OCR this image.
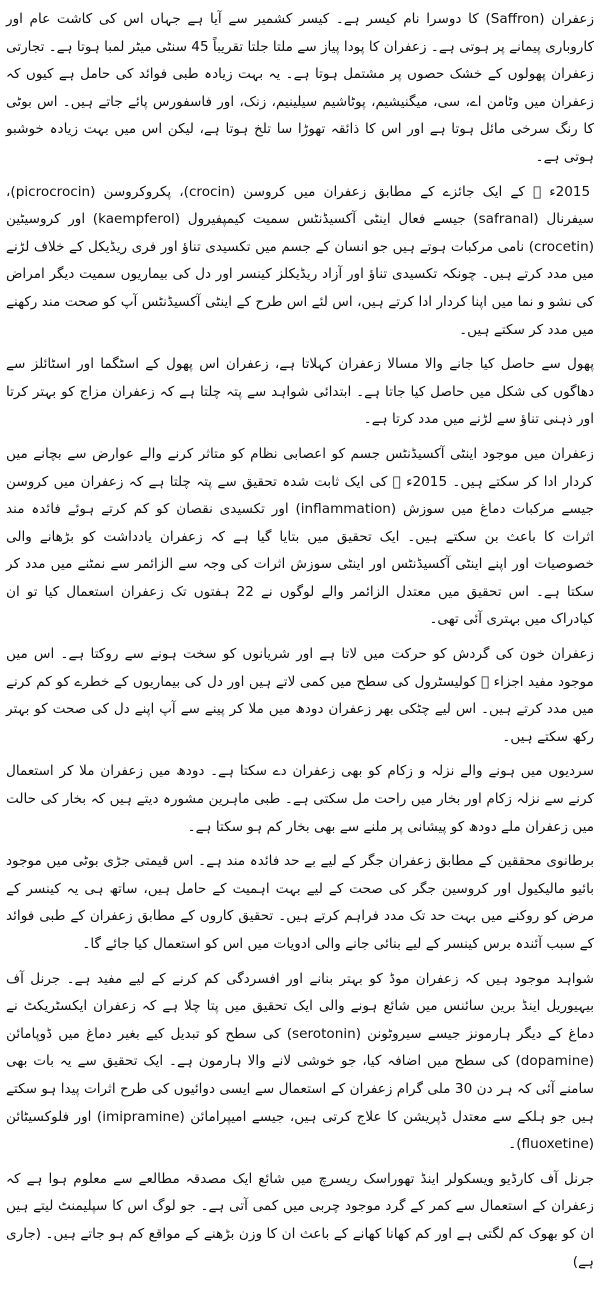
زعفران (Saffron) کا دوسرا نام کیسر ہے۔ کیسر کشمیر سے آیا ہے جہاں اس کی کاشت عام اور کاروباری پیمانے پر ہوتی ہے۔ زعفران کا پودا پیاز سے ملتا جلتا تقریباً 45 سنٹی میٹر لمبا ہوتا ہے۔ تجارتی زعفران پھولوں کے خشک حصوں پر مشتمل ہوتا ہے۔ یہ بہت زیادہ طبی فوائد کی حامل ہے کیوں کہ زعفران میں وٹامن اے، سی، میگنیشیم، پوٹاشیم سیلینیم، زنک، اور فاسفورس پائے جاتے ہیں۔ اس بوٹی کا رنگ سرخی مائل ہوتا ہے اور اس کا ذائقہ تھوڑا سا تلخ ہوتا ہے، لیکن اس میں بہت زیادہ خوشبو ہوتی ہے۔

2015ء ⃞ کے ایک جائزے کے مطابق زعفران میں کروسن (crocin)، پکروکروسن (picrocrocin)، سیفرنال (safranal) جیسے فعال اینٹی آکسیڈنٹس سمیت کیمپفیرول (kaempferol) اور کروسیٹین (crocetin) نامی مرکبات ہوتے ہیں جو انسان کے جسم میں تکسیدی تناؤ اور فری ریڈیکل کے خلاف لڑنے میں مدد کرتے ہیں۔ چونکہ تکسیدی تناؤ اور آزاد ریڈیکلز کینسر اور دل کی بیماریوں سمیت دیگر امراض کی نشو و نما میں اپنا کردار ادا کرتے ہیں، اس لئے اس طرح کے اینٹی آکسیڈنٹس آپ کو صحت مند رکھنے میں مدد کر سکتے ہیں۔

پھول سے حاصل کیا جانے والا مسالا زعفران کہلاتا ہے، زعفران اس پھول کے اسٹگما اور اسٹائلز سے دھاگوں کی شکل میں حاصل کیا جاتا ہے۔ ابتدائی شواہد سے پتہ چلتا ہے کہ زعفران مزاج کو بہتر کرتا اور ذہنی تناؤ سے لڑنے میں مدد کرتا ہے۔

زعفران میں موجود اینٹی آکسیڈنٹس جسم کو اعصابی نظام کو متاثر کرنے والے عوارض سے بچانے میں کردار ادا کر سکتے ہیں۔ 2015ء ⃞ کی ایک ثابت شدہ تحقیق سے پتہ چلتا ہے کہ زعفران میں کروسن جیسے مرکبات دماغ میں سوزش (inflammation) اور تکسیدی نقصان کو کم کرتے ہوئے فائدہ مند اثرات کا باعث بن سکتے ہیں۔ ایک تحقیق میں بتایا گیا ہے کہ زعفران یادداشت کو بڑھانے والی خصوصیات اور اپنے اینٹی آکسیڈنٹس اور اینٹی سوزش اثرات کی وجہ سے الزائمر سے نمٹنے میں مدد کر سکتا ہے۔ اس تحقیق میں معتدل الزائمر والے لوگوں نے 22 ہفتوں تک زعفران استعمال کیا تو ان کیادراک میں بہتری آئی تھی۔

زعفران خون کی گردش کو حرکت میں لاتا ہے اور شریانوں کو سخت ہونے سے روکتا ہے۔ اس میں موجود مفید اجزاء ⃞ کولیسٹرول کی سطح میں کمی لاتے ہیں اور دل کی بیماریوں کے خطرے کو کم کرنے میں مدد کرتے ہیں۔ اس لیے چٹکی بھر زعفران دودھ میں ملا کر پینے سے آپ اپنے دل کی صحت کو بہتر رکھ سکتے ہیں۔

سردیوں میں ہونے والے نزلہ و زکام کو بھی زعفران دے سکتا ہے۔ دودھ میں زعفران ملا کر استعمال کرنے سے نزلہ زکام اور بخار میں راحت مل سکتی ہے۔ طبی ماہرین مشورہ دیتے ہیں کہ بخار کی حالت میں زعفران ملے دودھ کو پیشانی پر ملنے سے بھی بخار کم ہو سکتا ہے۔

برطانوی محققین کے مطابق زعفران جگر کے لیے بے حد فائدہ مند ہے۔ اس قیمتی جڑی بوٹی میں موجود بائیو مالیکیول اور کروسین جگر کی صحت کے لیے بہت اہمیت کے حامل ہیں، ساتھ ہی یہ کینسر کے مرض کو روکنے میں بہت حد تک مدد فراہم کرتے ہیں۔ تحقیق کاروں کے مطابق زعفران کے طبی فوائد کے سبب آئندہ برس کینسر کے لیے بنائی جانے والی ادویات میں اس کو استعمال کیا جائے گا۔

شواہد موجود ہیں کہ زعفران موڈ کو بہتر بنانے اور افسردگی کم کرنے کے لیے مفید ہے۔ جرنل آف بیہیوریل اینڈ برین سائنس میں شائع ہونے والی ایک تحقیق میں پتا چلا ہے کہ زعفران ایکسٹریکٹ نے دماغ کے دیگر ہارمونز جیسے سیروٹونن (serotonin) کی سطح کو تبدیل کیے بغیر دماغ میں ڈوپامائن (dopamine) کی سطح میں اضافہ کیا، جو خوشی لانے والا ہارمون ہے۔ ایک تحقیق سے یہ بات بھی سامنے آئی کہ ہر دن 30 ملی گرام زعفران کے استعمال سے ایسی دوائیوں کی طرح اثرات پیدا ہو سکتے ہیں جو ہلکے سے معتدل ڈپریشن کا علاج کرتی ہیں، جیسے امیپرامائن (imipramine) اور فلوکسیٹائن (fluoxetine)۔

جرنل آف کارڈیو ویسکولر اینڈ تھوراسک ریسرچ میں شائع ایک مصدقہ مطالعے سے معلوم ہوا ہے کہ زعفران کے استعمال سے کمر کے گرد موجود چربی میں کمی آتی ہے۔ جو لوگ اس کا سپلیمنٹ لیتے ہیں ان کو بھوک کم لگتی ہے اور کم کھانا کھانے کے باعث ان کا وزن بڑھنے کے مواقع کم ہو جاتے ہیں۔ (جاری ہے)
